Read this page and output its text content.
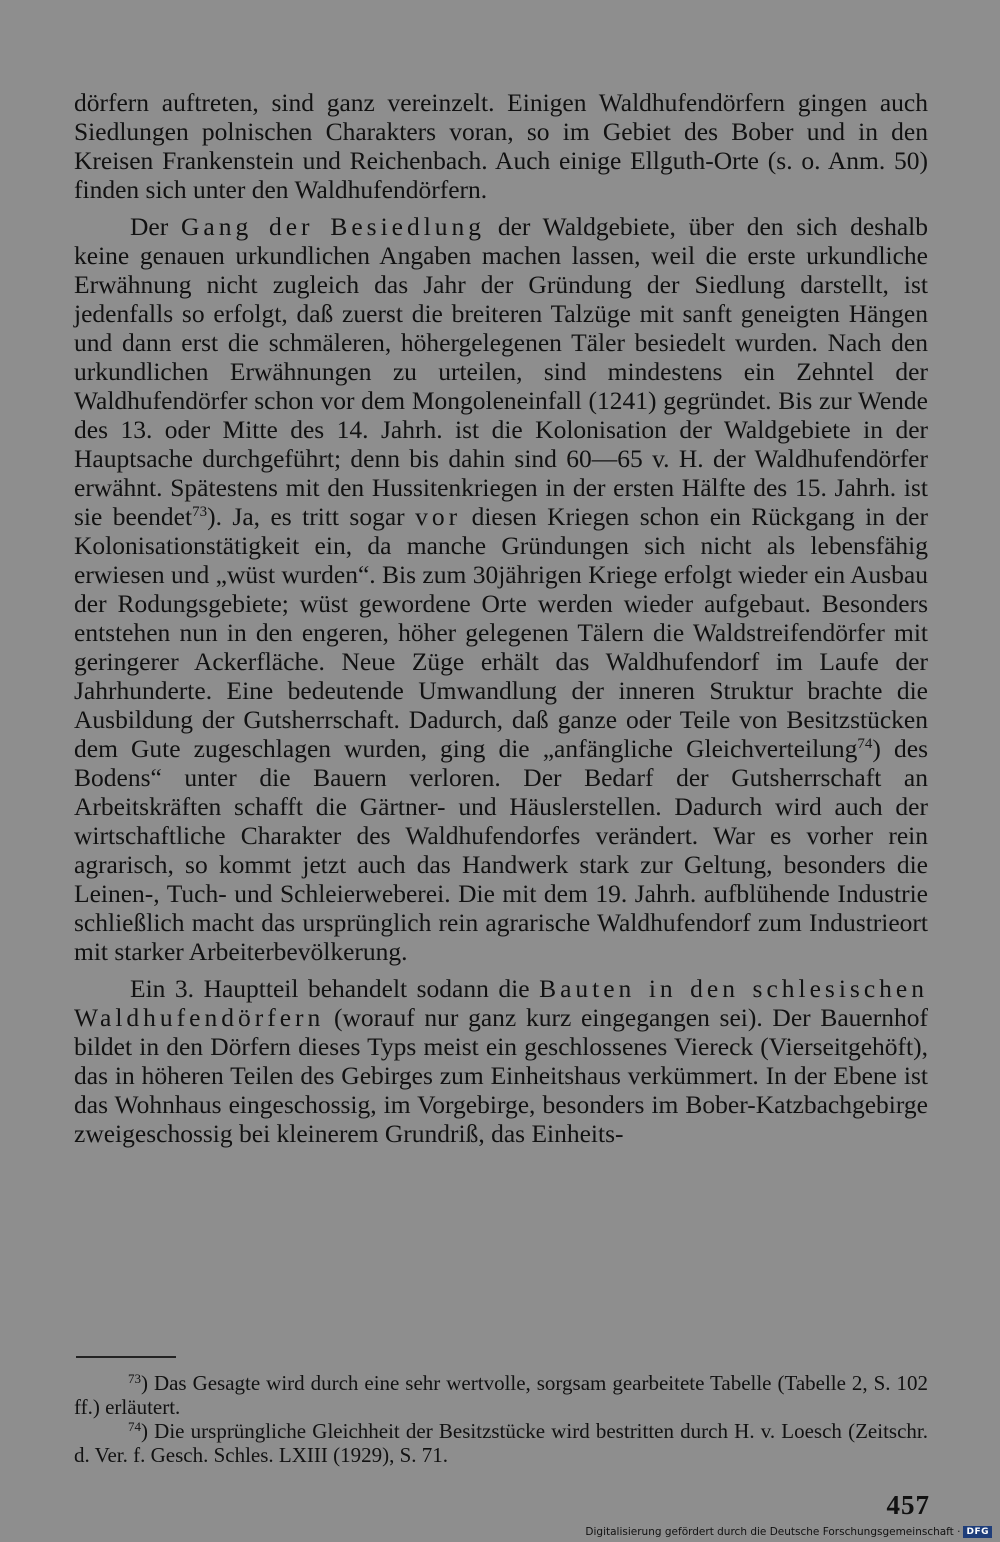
dörfern auftreten, sind ganz vereinzelt. Einigen Waldhufendörfern gingen auch Siedlungen polnischen Charakters voran, so im Gebiet des Bober und in den Kreisen Frankenstein und Reichenbach. Auch einige Ellguth-Orte (s. o. Anm. 50) finden sich unter den Waldhufendörfern.

Der Gang der Besiedlung der Waldgebiete, über den sich deshalb keine genauen urkundlichen Angaben machen lassen, weil die erste urkundliche Erwähnung nicht zugleich das Jahr der Gründung der Siedlung darstellt, ist jedenfalls so erfolgt, daß zuerst die breiteren Talzüge mit sanft geneigten Hängen und dann erst die schmäleren, höhergelegenen Täler besiedelt wurden. Nach den urkundlichen Erwähnungen zu urteilen, sind mindestens ein Zehntel der Waldhufendörfer schon vor dem Mongoleneinfall (1241) gegründet. Bis zur Wende des 13. oder Mitte des 14. Jahrh. ist die Kolonisation der Waldgebiete in der Hauptsache durchgeführt; denn bis dahin sind 60—65 v. H. der Waldhufendörfer erwähnt. Spätestens mit den Hussitenkriegen in der ersten Hälfte des 15. Jahrh. ist sie beendet$^{73}$). Ja, es tritt sogar vor diesen Kriegen schon ein Rückgang in der Kolonisationstätigkeit ein, da manche Gründungen sich nicht als lebensfähig erwiesen und „wüst wurden“. Bis zum 30jährigen Kriege erfolgt wieder ein Ausbau der Rodungsgebiete; wüst gewordene Orte werden wieder aufgebaut. Besonders entstehen nun in den engeren, höher gelegenen Tälern die Waldstreifendörfer mit geringerer Ackerfläche. Neue Züge erhält das Waldhufendorf im Laufe der Jahrhunderte. Eine bedeutende Umwandlung der inneren Struktur brachte die Ausbildung der Gutsherrschaft. Dadurch, daß ganze oder Teile von Besitzstücken dem Gute zugeschlagen wurden, ging die „anfängliche Gleichverteilung$^{74}$) des Bodens“ unter die Bauern verloren. Der Bedarf der Gutsherrschaft an Arbeitskräften schafft die Gärtner- und Häuslerstellen. Dadurch wird auch der wirtschaftliche Charakter des Waldhufendorfes verändert. War es vorher rein agrarisch, so kommt jetzt auch das Handwerk stark zur Geltung, besonders die Leinen-, Tuch- und Schleierweberei. Die mit dem 19. Jahrh. aufblühende Industrie schließlich macht das ursprünglich rein agrarische Waldhufendorf zum Industrieort mit starker Arbeiterbevölkerung.

Ein 3. Hauptteil behandelt sodann die Bauten in den schlesischen Waldhufendörfern (worauf nur ganz kurz eingegangen sei). Der Bauernhof bildet in den Dörfern dieses Typs meist ein geschlossenes Viereck (Vierseitgehöft), das in höheren Teilen des Gebirges zum Einheitshaus verkümmert. In der Ebene ist das Wohnhaus eingeschossig, im Vorgebirge, besonders im Bober-Katzbachgebirge zweigeschossig bei kleinerem Grundriß, das Einheits-

$^{73}$) Das Gesagte wird durch eine sehr wertvolle, sorgsam gearbeitete Tabelle (Tabelle 2, S. 102 ff.) erläutert.

$^{74}$) Die ursprüngliche Gleichheit der Besitzstücke wird bestritten durch H. v. Loesch (Zeitschr. d. Ver. f. Gesch. Schles. LXIII (1929), S. 71.

457
Digitalisierung gefördert durch die Deutsche Forschungsgemeinschaft · DFG
